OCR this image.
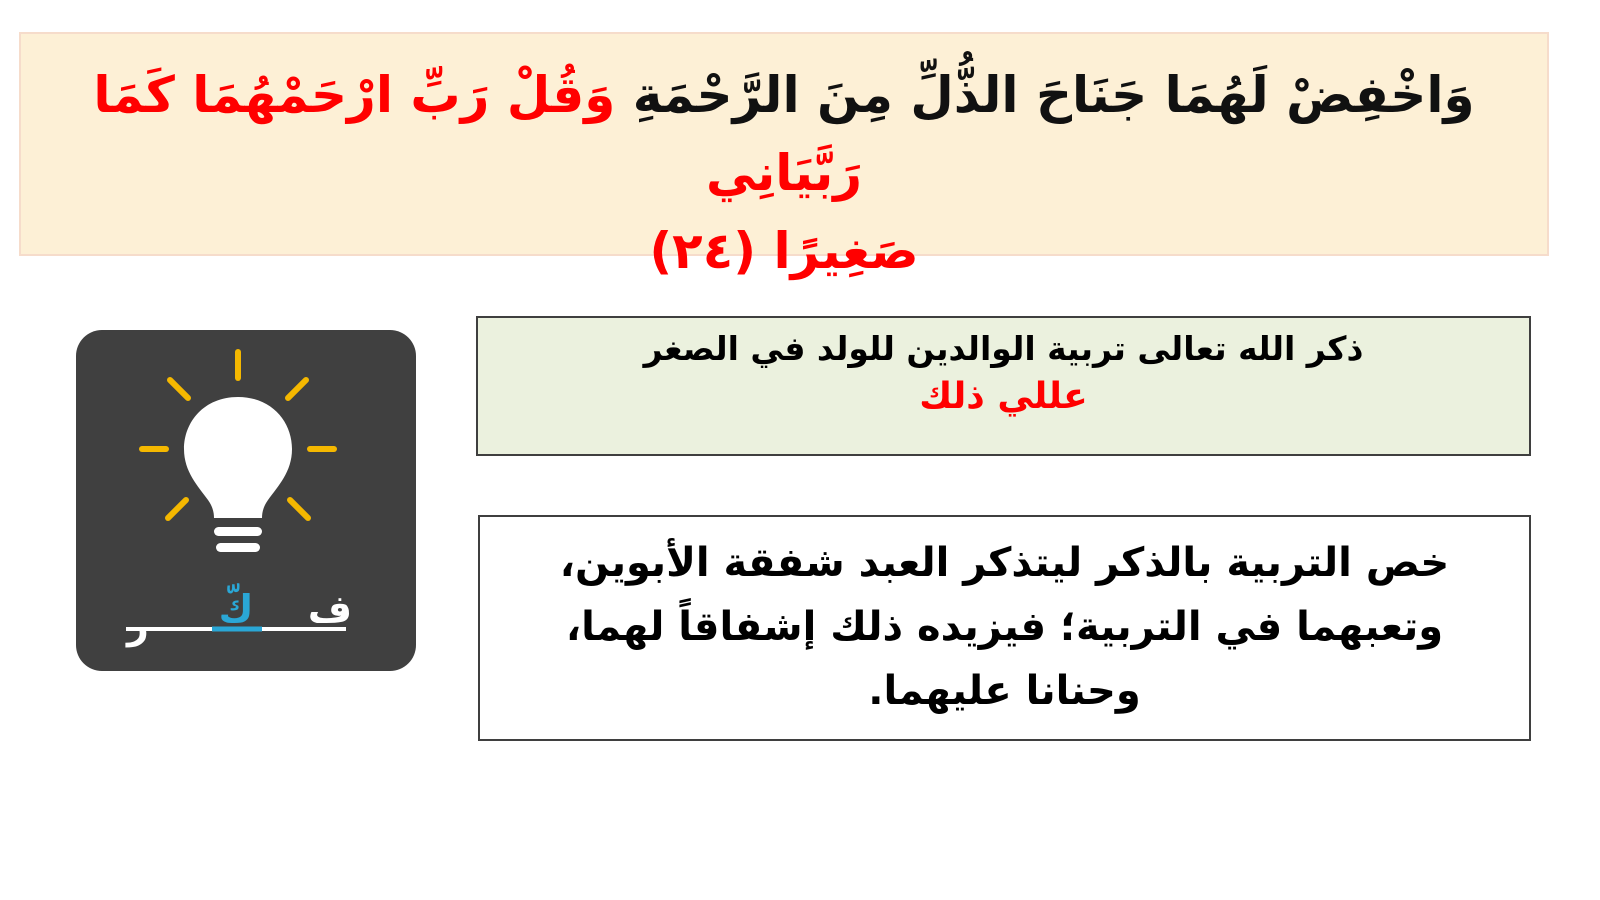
وَاخْفِضْ لَهُمَا جَنَاحَ الذُّلِّ مِنَ الرَّحْمَةِ وَقُلْ رَبِّ ارْحَمْهُمَا كَمَا رَبَّيَانِي
صَغِيرًا (٢٤)
ذكر الله تعالى تربية الوالدين للولد في الصغر
عللي ذلك
خص التربية بالذكر ليتذكر العبد شفقة الأبوين، وتعبهما في التربية؛ فيزيده ذلك إشفاقاً لهما، وحنانا عليهما.
ف
كّ
ر
